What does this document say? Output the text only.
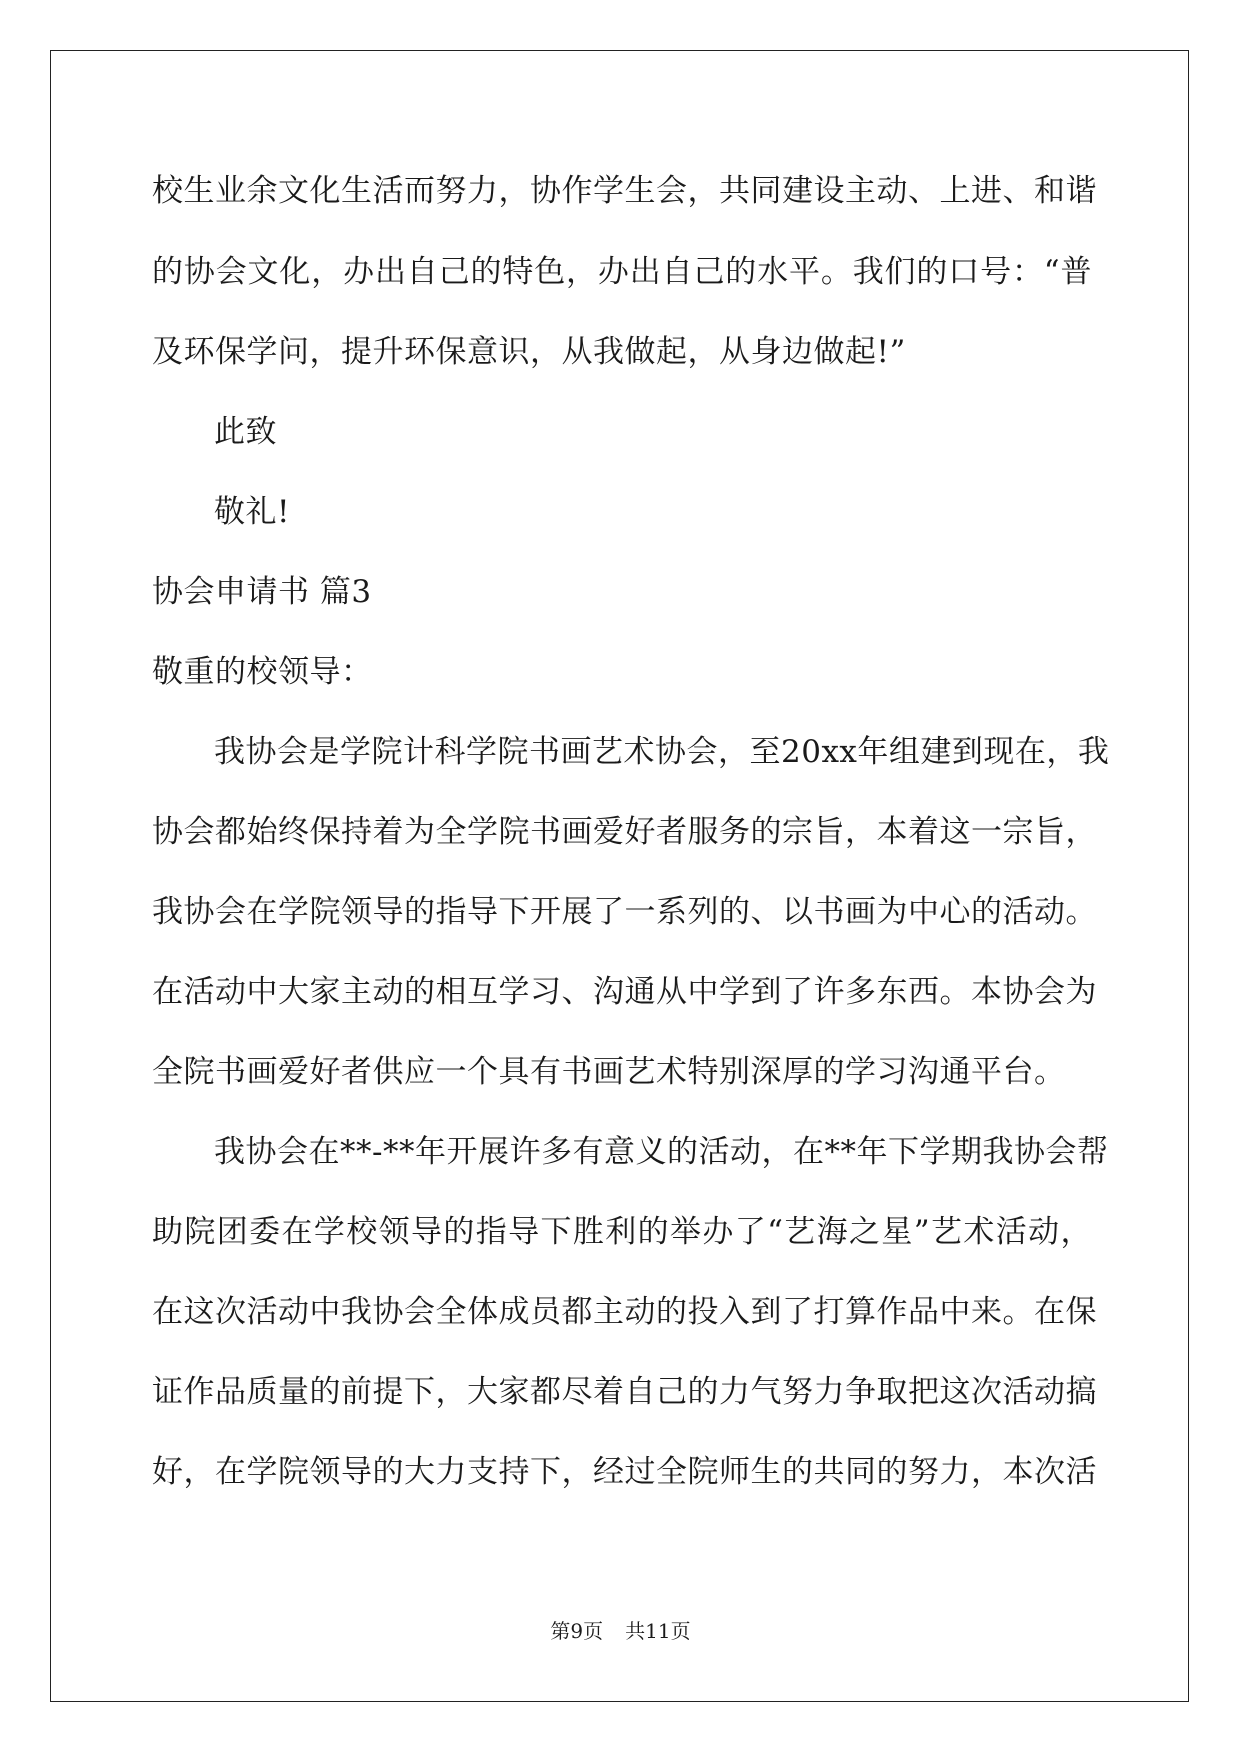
校生业余文化生活而努力，协作学生会，共同建设主动、上进、和谐
的协会文化，办出自己的特色，办出自己的水平。我们的口号：“普
及环保学问，提升环保意识，从我做起，从身边做起!”
此致
敬礼!
协会申请书 篇3
敬重的校领导：
我协会是学院计科学院书画艺术协会，至20xx年组建到现在，我
协会都始终保持着为全学院书画爱好者服务的宗旨，本着这一宗旨，
我协会在学院领导的指导下开展了一系列的、以书画为中心的活动。
在活动中大家主动的相互学习、沟通从中学到了许多东西。本协会为
全院书画爱好者供应一个具有书画艺术特别深厚的学习沟通平台。
我协会在**-**年开展许多有意义的活动，在**年下学期我协会帮
助院团委在学校领导的指导下胜利的举办了“艺海之星”艺术活动，
在这次活动中我协会全体成员都主动的投入到了打算作品中来。在保
证作品质量的前提下，大家都尽着自己的力气努力争取把这次活动搞
好，在学院领导的大力支持下，经过全院师生的共同的努力，本次活
第9页 共11页
